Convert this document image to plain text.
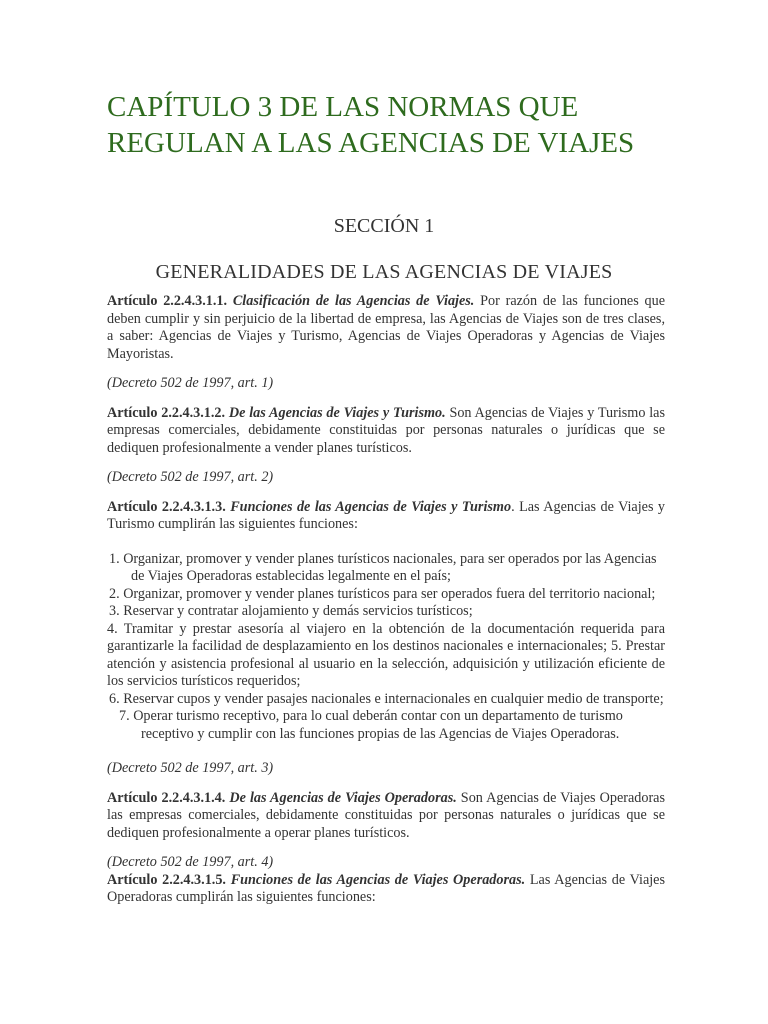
CAPÍTULO 3 DE LAS NORMAS QUE REGULAN A LAS AGENCIAS DE VIAJES
SECCIÓN 1
GENERALIDADES DE LAS AGENCIAS DE VIAJES

Artículo 2.2.4.3.1.1. Clasificación de las Agencias de Viajes. Por razón de las funciones que deben cumplir y sin perjuicio de la libertad de empresa, las Agencias de Viajes son de tres clases, a saber: Agencias de Viajes y Turismo, Agencias de Viajes Operadoras y Agencias de Viajes Mayoristas.

(Decreto 502 de 1997, art. 1)

Artículo 2.2.4.3.1.2. De las Agencias de Viajes y Turismo. Son Agencias de Viajes y Turismo las empresas comerciales, debidamente constituidas por personas naturales o jurídicas que se dediquen profesionalmente a vender planes turísticos.

(Decreto 502 de 1997, art. 2)

Artículo 2.2.4.3.1.3. Funciones de las Agencias de Viajes y Turismo. Las Agencias de Viajes y Turismo cumplirán las siguientes funciones:

1. Organizar, promover y vender planes turísticos nacionales, para ser operados por las Agencias de Viajes Operadoras establecidas legalmente en el país;

2. Organizar, promover y vender planes turísticos para ser operados fuera del territorio nacional;

3. Reservar y contratar alojamiento y demás servicios turísticos;

4. Tramitar y prestar asesoría al viajero en la obtención de la documentación requerida para garantizarle la facilidad de desplazamiento en los destinos nacionales e internacionales; 5. Prestar atención y asistencia profesional al usuario en la selección, adquisición y utilización eficiente de los servicios turísticos requeridos;

6. Reservar cupos y vender pasajes nacionales e internacionales en cualquier medio de transporte;

7. Operar turismo receptivo, para lo cual deberán contar con un departamento de turismo receptivo y cumplir con las funciones propias de las Agencias de Viajes Operadoras.

(Decreto 502 de 1997, art. 3)

Artículo 2.2.4.3.1.4. De las Agencias de Viajes Operadoras. Son Agencias de Viajes Operadoras las empresas comerciales, debidamente constituidas por personas naturales o jurídicas que se dediquen profesionalmente a operar planes turísticos.

(Decreto 502 de 1997, art. 4)

Artículo 2.2.4.3.1.5. Funciones de las Agencias de Viajes Operadoras. Las Agencias de Viajes Operadoras cumplirán las siguientes funciones:
